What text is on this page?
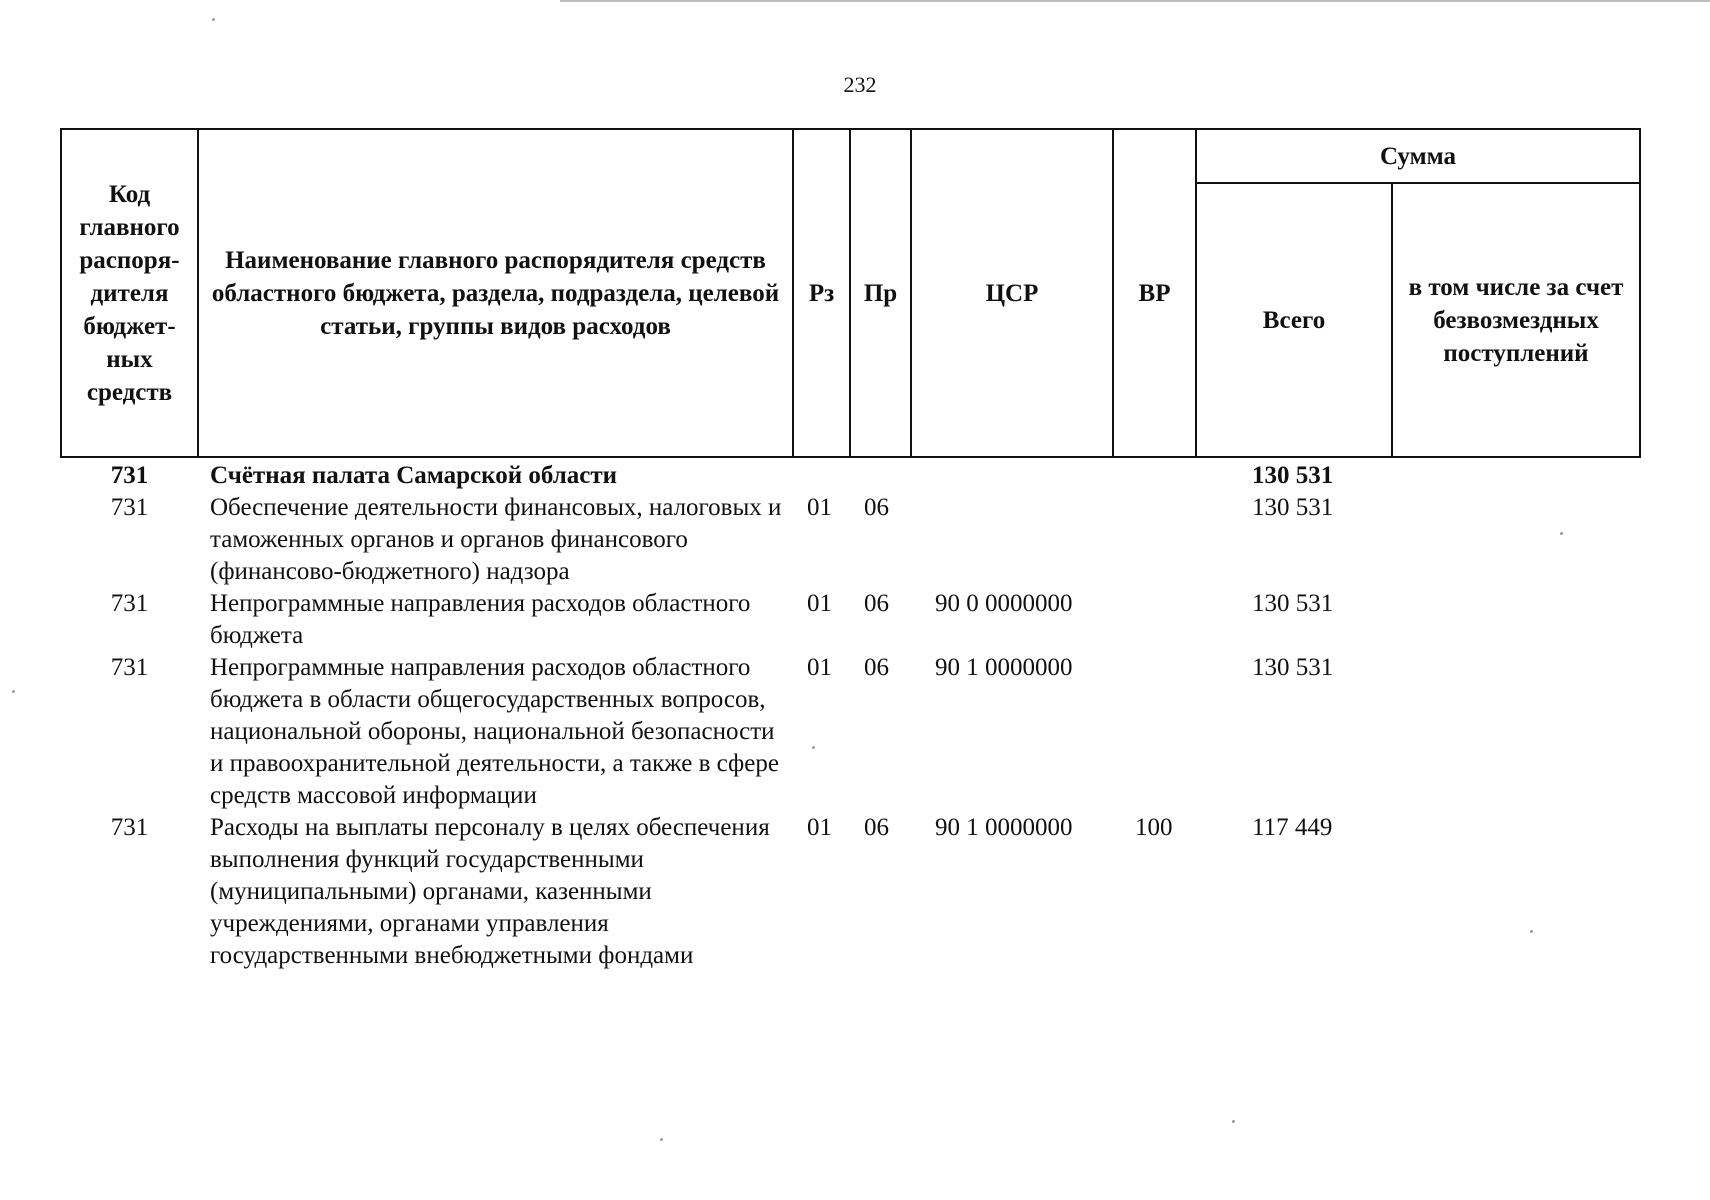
232
Код главного распоря-дителя бюджет-ных средств	Наименование главного распорядителя средств областного бюджета, раздела, подраздела, целевой статьи, группы видов расходов	Рз	Пр	ЦСР	ВР	Сумма	
						Всего	в том числе за счет безвозмездных поступлений
731	Счётная палата Самарской области					130 531	
731	Обеспечение деятельности финансовых, налоговых и таможенных органов и органов финансового (финансово-бюджетного) надзора	01	06			130 531	
731	Непрограммные направления расходов областного бюджета	01	06	90 0 0000000		130 531	
731	Непрограммные направления расходов областного бюджета в области общегосударственных вопросов, национальной обороны, национальной безопасности и правоохранительной деятельности, а также в сфере средств массовой информации	01	06	90 1 0000000		130 531	
731	Расходы на выплаты персоналу в целях обеспечения выполнения функций государственными (муниципальными) органами, казенными учреждениями, органами управления государственными внебюджетными фондами	01	06	90 1 0000000	100	117 449	
